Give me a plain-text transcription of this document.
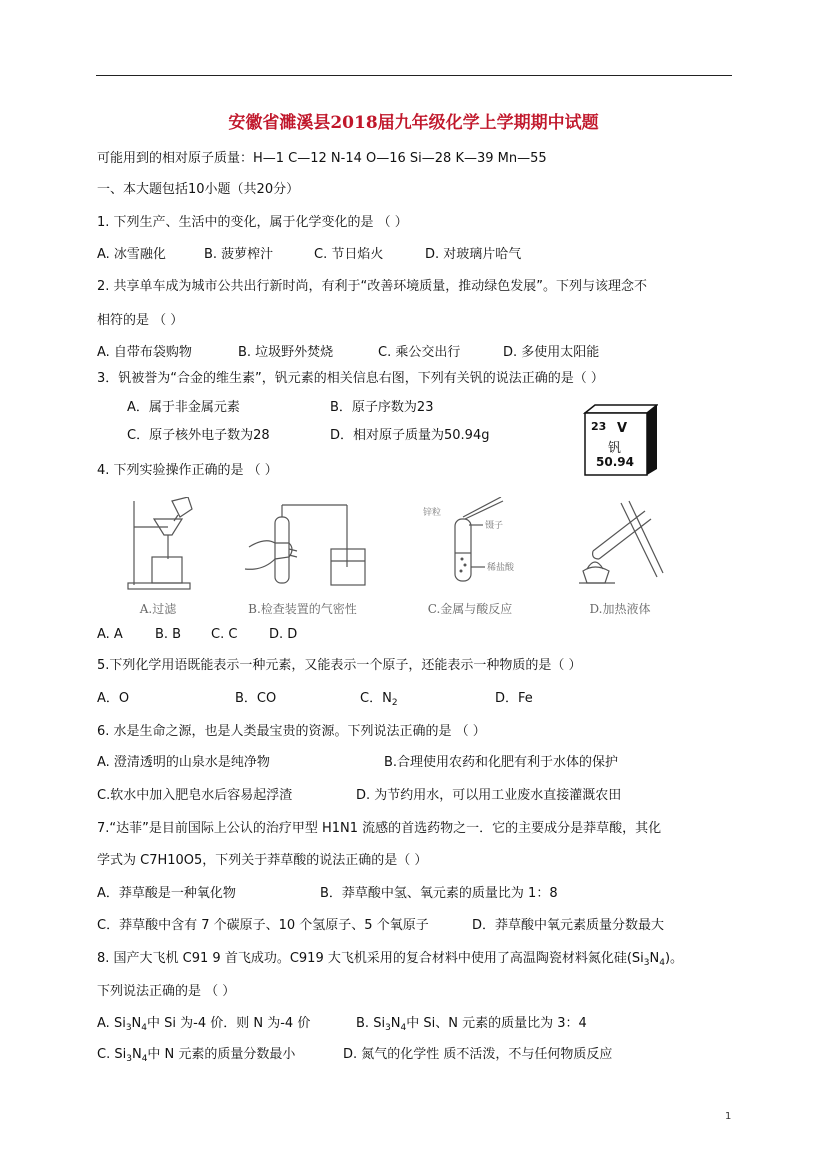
安徽省濉溪县2018届九年级化学上学期期中试题
可能用到的相对原子质量：H—1 C—12 N-14 O—16 Si—28 K—39 Mn—55
一、本大题包括10小题（共20分）
1. 下列生产、生活中的变化，属于化学变化的是 （ ）
A. 冰雪融化	B. 菠萝榨汁	C. 节日焰火	D. 对玻璃片哈气
2. 共享单车成为城市公共出行新时尚，有利于“改善环境质量，推动绿色发展”。下列与该理念不
相符的是 （ ）
A. 自带布袋购物	B. 垃圾野外焚烧	C. 乘公交出行	D. 多使用太阳能
3．钒被誉为“合金的维生素”，钒元素的相关信息右图，下列有关钒的说法正确的是（ ）
A．属于非金属元素	B．原子序数为23
C．原子核外电子数为28	D．相对原子质量为50.94g
23 V
钒
50.94
4. 下列实验操作正确的是 （ ）
A.过滤	B.检查装置的气密性
锌粒
镊子
稀盐酸
C.金属与酸反应	D.加热液体
A. A B. B C. C D. D
5.下列化学用语既能表示一种元素，又能表示一个原子，还能表示一种物质的是（ ）
A．O	B．CO	C．$N_2$	D．Fe
6. 水是生命之源，也是人类最宝贵的资源。下列说法正确的是 （ ）
A. 澄清透明的山泉水是纯净物	B.合理使用农药和化肥有利于水体的保护
C.软水中加入肥皂水后容易起浮渣	D. 为节约用水，可以用工业废水直接灌溉农田
7.“达菲”是目前国际上公认的治疗甲型 H1N1 流感的首选药物之一．它的主要成分是莽草酸，其化
学式为 C7H10O5，下列关于莽草酸的说法正确的是（ ）
A．莽草酸是一种氧化物	B．莽草酸中氢、氧元素的质量比为 1：8
C．莽草酸中含有 7 个碳原子、10 个氢原子、5 个氧原子	D．莽草酸中氧元素质量分数最大
8. 国产大飞机 C91 9 首飞成功。C919 大飞机采用的复合材料中使用了高温陶瓷材料氮化硅$(Si_3N_4)$。
下列说法正确的是 （ ）
A. $Si_3N_4$中 Si 为-4 价．则 N 为-4 价	B. $Si_3N_4$中 Si、N 元素的质量比为 3：4
C. $Si_3N_4$中 N 元素的质量分数最小	D. 氮气的化学性 质不活泼，不与任何物质反应
1
